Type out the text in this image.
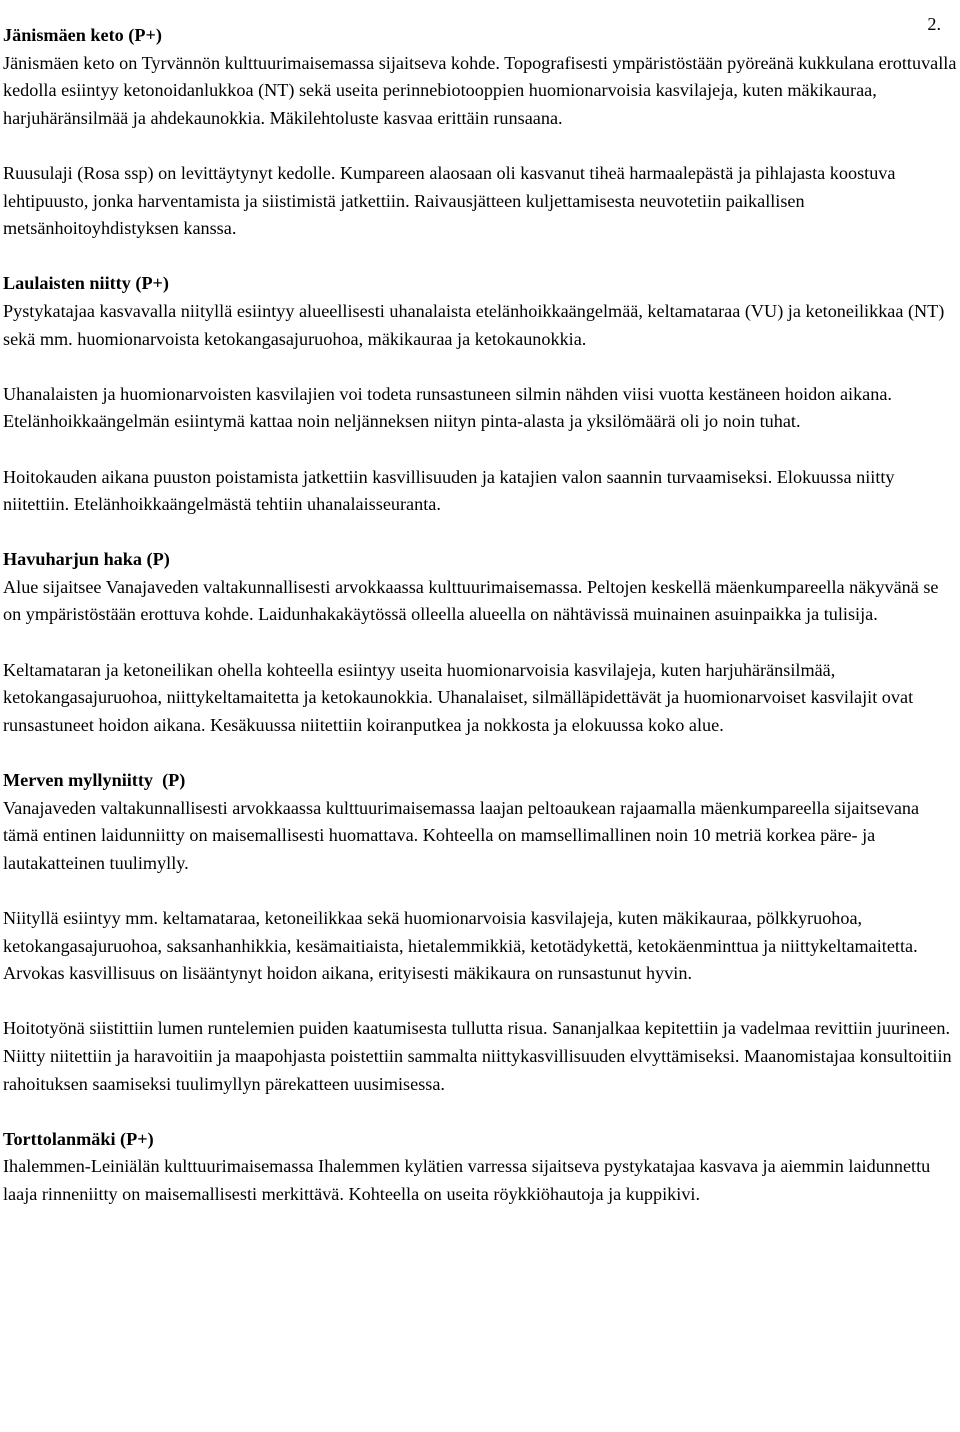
2.

Jänismäen keto (P+)

Jänismäen keto on Tyrvännön kulttuurimaisemassa sijaitseva kohde. Topografisesti ympäristöstään pyöreänä kukkulana erottuvalla kedolla esiintyy ketonoidanlukkoa (NT) sekä useita perinnebiotooppien huomionarvoisia kasvilajeja, kuten mäkikauraa, harjuhäränsilmää ja ahdekaunokkia. Mäkilehtoluste kasvaa erittäin runsaana.

Ruusulaji (Rosa ssp) on levittäytynyt kedolle. Kumpareen alaosaan oli kasvanut tiheä harmaalepästä ja pihlajasta koostuva lehtipuusto, jonka harventamista ja siistimistä jatkettiin. Raivausjätteen kuljettamisesta neuvotetiin paikallisen metsänhoitoyhdistyksen kanssa.

Laulaisten niitty (P+)

Pystykatajaa kasvavalla niityllä esiintyy alueellisesti uhanalaista etelänhoikkaängelmää, keltamataraa (VU) ja ketoneilikkaa (NT) sekä mm. huomionarvoista ketokangasajuruohoa, mäkikauraa ja ketokaunokkia.

Uhanalaisten ja huomionarvoisten kasvilajien voi todeta runsastuneen silmin nähden viisi vuotta kestäneen hoidon aikana. Etelänhoikkaängelmän esiintymä kattaa noin neljänneksen niityn pinta-alasta ja yksilömäärä oli jo noin tuhat.

Hoitokauden aikana puuston poistamista jatkettiin kasvillisuuden ja katajien valon saannin turvaamiseksi. Elokuussa niitty niitettiin. Etelänhoikkaängelmästä tehtiin uhanalaisseuranta.

Havuharjun haka (P)

Alue sijaitsee Vanajaveden valtakunnallisesti arvokkaassa kulttuurimaisemassa. Peltojen keskellä mäenkumpareella näkyvänä se on ympäristöstään erottuva kohde. Laidunhakakäytössä olleella alueella on nähtävissä muinainen asuinpaikka ja tulisija.

Keltamataran ja ketoneilikan ohella kohteella esiintyy useita huomionarvoisia kasvilajeja, kuten harjuhäränsilmää, ketokangasajuruohoa, niittykeltamaitetta ja ketokaunokkia. Uhanalaiset, silmälläpidettävät ja huomionarvoiset kasvilajit ovat runsastuneet hoidon aikana. Kesäkuussa niitettiin koiranputkea ja nokkosta ja elokuussa koko alue.

Merven myllyniitty  (P)

Vanajaveden valtakunnallisesti arvokkaassa kulttuurimaisemassa laajan peltoaukean rajaamalla mäenkumpareella sijaitsevana tämä entinen laidunniitty on maisemallisesti huomattava. Kohteella on mamsellimallinen noin 10 metriä korkea päre- ja lautakatteinen tuulimylly.

Niityllä esiintyy mm. keltamataraa, ketoneilikkaa sekä huomionarvoisia kasvilajeja, kuten mäkikauraa, pölkkyruohoa, ketokangasajuruohoa, saksanhanhikkia, kesämaitiaista, hietalemmikkiä, ketotädykettä, ketokäenminttua ja niittykeltamaitetta. Arvokas kasvillisuus on lisääntynyt hoidon aikana, erityisesti mäkikaura on runsastunut hyvin.

Hoitotyönä siistittiin lumen runtelemien puiden kaatumisesta tullutta risua. Sananjalkaa kepitettiin ja vadelmaa revittiin juurineen. Niitty niitettiin ja haravoitiin ja maapohjasta poistettiin sammalta niittykasvillisuuden elvyttämiseksi. Maanomistajaa konsultoitiin rahoituksen saamiseksi tuulimyllyn pärekatteen uusimisessa.

Torttolanmäki (P+)

Ihalemmen-Leiniälän kulttuurimaisemassa Ihalemmen kylätien varressa sijaitseva pystykatajaa kasvava ja aiemmin laidunnettu laaja rinneniitty on maisemallisesti merkittävä. Kohteella on useita röykkiöhautoja ja kuppikivi.
